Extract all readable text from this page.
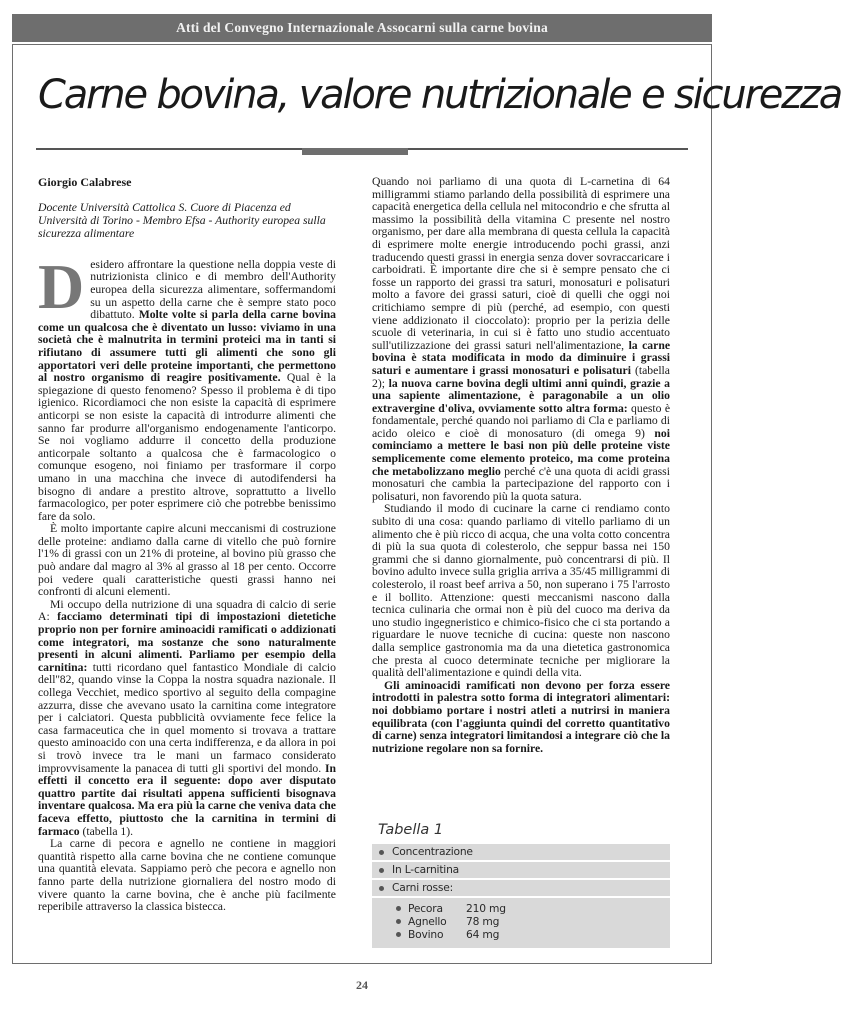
Atti del Convegno Internazionale Assocarni sulla carne bovina
Carne bovina, valore nutrizionale e sicurezza

Giorgio Calabrese

Docente Università Cattolica S. Cuore di Piacenza ed Università di Torino - Membro Efsa - Authority europea sulla sicurezza alimentare

Desidero affrontare la questione nella doppia veste di nutrizionista clinico e di membro dell'Authority europea della sicurezza alimentare, soffermandomi su un aspetto della carne che è sempre stato poco dibattuto. Molte volte si parla della carne bovina come un qualcosa che è diventato un lusso: viviamo in una società che è malnutrita in termini proteici ma in tanti si rifiutano di assumere tutti gli alimenti che sono gli apportatori veri delle proteine importanti, che permettono al nostro organismo di reagire positivamente. Qual è la spiegazione di questo fenomeno? Spesso il problema è di tipo igienico. Ricordiamoci che non esiste la capacità di esprimere anticorpi se non esiste la capacità di introdurre alimenti che sanno far produrre all'organismo endogenamente l'anticorpo. Se noi vogliamo addurre il concetto della produzione anticorpale soltanto a qualcosa che è farmacologico o comunque esogeno, noi finiamo per trasformare il corpo umano in una macchina che invece di autodifendersi ha bisogno di andare a prestito altrove, soprattutto a livello farmacologico, per poter esprimere ciò che potrebbe benissimo fare da solo.

È molto importante capire alcuni meccanismi di costruzione delle proteine: andiamo dalla carne di vitello che può fornire l'1% di grassi con un 21% di proteine, al bovino più grasso che può andare dal magro al 3% al grasso al 18 per cento. Occorre poi vedere quali caratteristiche questi grassi hanno nei confronti di alcuni elementi.

Mi occupo della nutrizione di una squadra di calcio di serie A: facciamo determinati tipi di impostazioni dietetiche proprio non per fornire aminoacidi ramificati o addizionati come integratori, ma sostanze che sono naturalmente presenti in alcuni alimenti. Parliamo per esempio della carnitina: tutti ricordano quel fantastico Mondiale di calcio dell''82, quando vinse la Coppa la nostra squadra nazionale. Il collega Vecchiet, medico sportivo al seguito della compagine azzurra, disse che avevano usato la carnitina come integratore per i calciatori. Questa pubblicità ovviamente fece felice la casa farmaceutica che in quel momento si trovava a trattare questo aminoacido con una certa indifferenza, e da allora in poi si trovò invece tra le mani un farmaco considerato improvvisamente la panacea di tutti gli sportivi del mondo. In effetti il concetto era il seguente: dopo aver disputato quattro partite dai risultati appena sufficienti bisognava inventare qualcosa. Ma era più la carne che veniva data che faceva effetto, piuttosto che la carnitina in termini di farmaco (tabella 1).

La carne di pecora e agnello ne contiene in maggiori quantità rispetto alla carne bovina che ne contiene comunque una quantità elevata. Sappiamo però che pecora e agnello non fanno parte della nutrizione giornaliera del nostro modo di vivere quanto la carne bovina, che è anche più facilmente reperibile attraverso la classica bistecca.

Quando noi parliamo di una quota di L-carnetina di 64 milligrammi stiamo parlando della possibilità di esprimere una capacità energetica della cellula nel mitocondrio e che sfrutta al massimo la possibilità della vitamina C presente nel nostro organismo, per dare alla membrana di questa cellula la capacità di esprimere molte energie introducendo pochi grassi, anzi traducendo questi grassi in energia senza dover sovraccaricare i carboidrati. È importante dire che si è sempre pensato che ci fosse un rapporto dei grassi tra saturi, monosaturi e polisaturi molto a favore dei grassi saturi, cioè di quelli che oggi noi critichiamo sempre di più (perché, ad esempio, con questi viene addizionato il cioccolato): proprio per la perizia delle scuole di veterinaria, in cui si è fatto uno studio accentuato sull'utilizzazione dei grassi saturi nell'alimentazione, la carne bovina è stata modificata in modo da diminuire i grassi saturi e aumentare i grassi monosaturi e polisaturi (tabella 2); la nuova carne bovina degli ultimi anni quindi, grazie a una sapiente alimentazione, è paragonabile a un olio extravergine d'oliva, ovviamente sotto altra forma: questo è fondamentale, perché quando noi parliamo di Cla e parliamo di acido oleico e cioè di monosaturo (di omega 9) noi cominciamo a mettere le basi non più delle proteine viste semplicemente come elemento proteico, ma come proteina che metabolizzano meglio perché c'è una quota di acidi grassi monosaturi che cambia la partecipazione del rapporto con i polisaturi, non favorendo più la quota satura.

Studiando il modo di cucinare la carne ci rendiamo conto subito di una cosa: quando parliamo di vitello parliamo di un alimento che è più ricco di acqua, che una volta cotto concentra di più la sua quota di colesterolo, che seppur bassa nei 150 grammi che si danno giornalmente, può concentrarsi di più. Il bovino adulto invece sulla griglia arriva a 35/45 milligrammi di colesterolo, il roast beef arriva a 50, non superano i 75 l'arrosto e il bollito. Attenzione: questi meccanismi nascono dalla tecnica culinaria che ormai non è più del cuoco ma deriva da uno studio ingegneristico e chimico-fisico che ci sta portando a riguardare le nuove tecniche di cucina: queste non nascono dalla semplice gastronomia ma da una dietetica gastronomica che presta al cuoco determinate tecniche per migliorare la qualità dell'alimentazione e quindi della vita.

Gli aminoacidi ramificati non devono per forza essere introdotti in palestra sotto forma di integratori alimentari: noi dobbiamo portare i nostri atleti a nutrirsi in maniera equilibrata (con l'aggiunta quindi del corretto quantitativo di carne) senza integratori limitandosi a integrare ciò che la nutrizione regolare non sa fornire.

Tabella 1
Concentrazione
In L-carnitina
Carni rosse:
Pecora 210 mg
Agnello 78 mg
Bovino 64 mg
24
